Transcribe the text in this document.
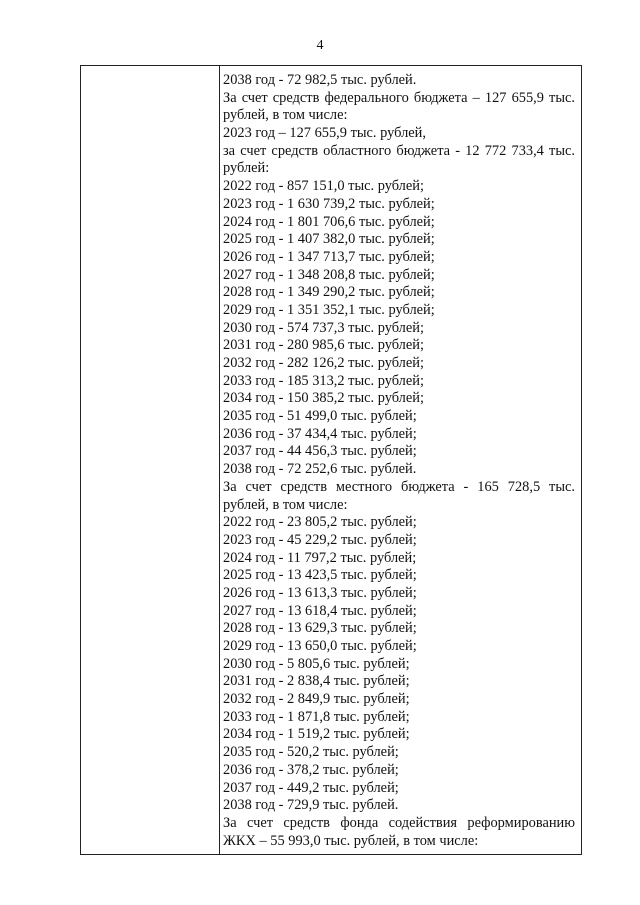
4
2038 год - 72 982,5 тыс. рублей.
За счет средств федерального бюджета – 127 655,9 тыс.
рублей, в том числе:
2023 год – 127 655,9 тыс. рублей,
за счет средств областного бюджета - 12 772 733,4 тыс.
рублей:
2022 год - 857 151,0 тыс. рублей;
2023 год - 1 630 739,2 тыс. рублей;
2024 год - 1 801 706,6 тыс. рублей;
2025 год - 1 407 382,0 тыс. рублей;
2026 год - 1 347 713,7 тыс. рублей;
2027 год - 1 348 208,8 тыс. рублей;
2028 год - 1 349 290,2 тыс. рублей;
2029 год - 1 351 352,1 тыс. рублей;
2030 год - 574 737,3 тыс. рублей;
2031 год - 280 985,6 тыс. рублей;
2032 год - 282 126,2 тыс. рублей;
2033 год - 185 313,2 тыс. рублей;
2034 год - 150 385,2 тыс. рублей;
2035 год - 51 499,0 тыс. рублей;
2036 год - 37 434,4 тыс. рублей;
2037 год - 44 456,3 тыс. рублей;
2038 год - 72 252,6 тыс. рублей.
За счет средств местного бюджета - 165 728,5 тыс.
рублей, в том числе:
2022 год - 23 805,2 тыс. рублей;
2023 год - 45 229,2 тыс. рублей;
2024 год - 11 797,2 тыс. рублей;
2025 год - 13 423,5 тыс. рублей;
2026 год - 13 613,3 тыс. рублей;
2027 год - 13 618,4 тыс. рублей;
2028 год - 13 629,3 тыс. рублей;
2029 год - 13 650,0 тыс. рублей;
2030 год - 5 805,6 тыс. рублей;
2031 год - 2 838,4 тыс. рублей;
2032 год - 2 849,9 тыс. рублей;
2033 год - 1 871,8 тыс. рублей;
2034 год - 1 519,2 тыс. рублей;
2035 год - 520,2 тыс. рублей;
2036 год - 378,2 тыс. рублей;
2037 год - 449,2 тыс. рублей;
2038 год - 729,9 тыс. рублей.
За счет средств фонда содействия реформированию
ЖКХ – 55 993,0 тыс. рублей, в том числе:
